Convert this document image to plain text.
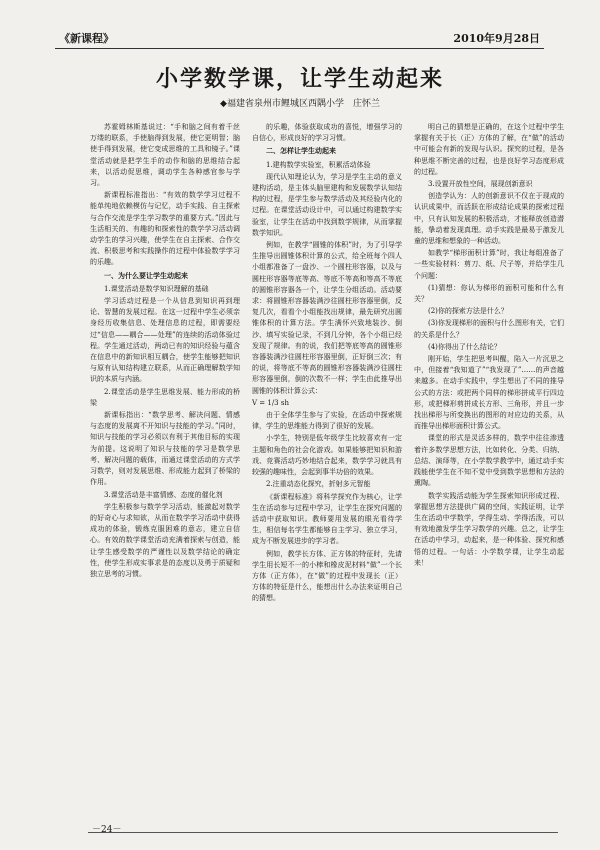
《新课程》	2010年9月28日
小学数学课，让学生动起来
◆福建省泉州市鲤城区西隅小学　庄怀兰

苏霍姆林斯基说过：“手和脑之间有着千丝万缕的联系，手使脑得到发展，使它更明智；脑使手得到发展，使它变成思维的工具和镜子。”课堂活动就是把学生手的动作和脑的思维结合起来，以活动促思维，调动学生各种感官参与学习。

新课程标准指出：“有效的数学学习过程不能单纯地依赖模仿与记忆，动手实践、自主探索与合作交流是学生学习数学的重要方式。”因此与生活相关的、有趣的和探索性的数学学习活动调动学生的学习兴趣，使学生在自主探索、合作交流、积极思考和实践操作的过程中体验数学学习的乐趣。

一、为什么要让学生动起来
1.课堂活动是数学知识理解的基础

学习活动过程是一个从信息到知识再到理论、智慧的发展过程。在这一过程中学生必须亲身经历收集信息、处理信息的过程，即需要经过“信息——耦合——处理”的连续的活动体验过程。学生通过活动，两动已有的知识经验与蕴含在信息中的新知识相互耦合，使学生能够把知识与原有认知结构建立联系，从而正确理解数学知识的本质与内涵。

2.课堂活动是学生思维发展、能力形成的桥梁

新课标指出：“数学思考、解决问题、情感与态度的发展离不开知识与技能的学习。”同时，知识与技能的学习必须以有利于其他目标的实现为前提。这说明了知识与技能的学习是数学思考、解决问题的载体，而通过课堂活动的方式学习数学，则对发展思维、形成能力起到了桥梁的作用。

3.课堂活动是丰富情感、态度的催化剂

学生积极参与数学学习活动，能激起对数学的好奇心与求知欲，从而在数学学习活动中获得成功的体验，锻炼克服困难的意志，建立自信心。有效的数学课堂活动充满着探索与创造，能让学生感受数学的严谨性以及数学结论的确定性，使学生形成实事求是的态度以及勇于质疑和独立思考的习惯。

的乐趣，体验获取成功的喜悦，增强学习的自信心，形成良好的学习习惯。

二、怎样让学生动起来
1.建构数学实验室，积累活动体验

现代认知理论认为，学习是学生主动的意义建构活动，是主体头脑里建构和发展数学认知结构的过程，是学生参与数学活动及其经验内化的过程。在课堂活动设计中，可以通过构建数学实验室，让学生在活动中找到数学规律，从而掌握数学知识。

例如，在教学“圆锥的体积”时，为了引导学生推导出圆锥体积计算的公式，给全班每个四人小组都准备了一盘沙、一个圆柱形容器，以及与圆柱形容器等底等高、等底不等高和等高不等底的圆锥形容器各一个，让学生分组活动。活动要求：将圆锥形容器装满沙往圆柱形容器里倒，反复几次，看看个小组能找出规律，最先研究出圆锥体积的计算方法。学生满怀兴致地装沙、倒沙、填写实验记录，不到几分钟，各个小组已经发现了规律。有的说，我们把等底等高的圆锥形容器装满沙往圆柱形容器里倒，正好倒三次；有的说，将等底不等高的圆锥形容器装满沙往圆柱形容器里倒，倒的次数不一样；学生由此推导出圆锥的体积计算公式：

V = 1/3 sh

由于全体学生参与了实验，在活动中探索规律，学生的思维能力得到了很好的发展。

小学生，特别是低年级学生比较喜欢有一定主题和角色的社会化游戏。如果能够把知识和游戏、竞赛活动巧妙地结合起来，数学学习就具有较强的趣味性，会起到事半功倍的效果。

2.注重动态化探究，折射多元智能

《新课程标准》将科学探究作为核心，让学生在活动参与过程中学习，让学生在探究问题的活动中获取知识。教师要用发展的眼光看待学生，相信每名学生都能够自主学习、独立学习，成为不断发展进步的学习者。

例如，教学长方体、正方体的特征时，先请学生用长短不一的小棒和橡皮泥材料“做”一个长方体（正方体），在“做”的过程中发现长（正）方体的特征是什么，能想出什么办法来证明自己的猜想。

明自己的猜想是正确的，在这个过程中学生掌握有关于长（正）方体的了解，在“做”的活动中可能会有新的发现与认识。探究的过程，是各种思维不断完善的过程，也是良好学习态度形成的过程。

3.设置开放性空间，展现创新意识

创造学认为：人的创新意识不仅在于现成的认识成果中，而活跃在形成结论成果的探索过程中，只有认知发展的积极活动，才能释放创造潜能，挚动着发现真理。动手实践是最易于激发儿童的思维和想象的一种活动。

如教学“梯形面积计算”时，我让每组准备了一些实验材料：剪刀、纸、尺子等，并给学生几个问题：

(1)猜想：你认为梯形的面积可能和什么有关？

(2)你的探索方法是什么？

(3)你发现梯形的面积与什么图形有关，它们的关系是什么？

(4)你得出了什么结论？

刚开始，学生把思考叫醒，陷入一片沉思之中，但接着“我知道了”“我发现了”……的声音越来越多。在动手实践中，学生想出了不同的推导公式的方法：或把两个同样的梯形拼成平行四边形，或把梯形剪拼成长方形、三角形，并且一步找出梯形与所变换出的图形的对应边的关系，从而推导出梯形面积计算公式。

课堂的形式是灵活多样的，数学中往往渗透着许多数学思想方法，比如转化、分类、归纳、总结、演绎等，在小学数学教学中，通过动手实践能使学生在不知不觉中受到数学思想和方法的熏陶。

数学实践活动能为学生探索知识形成过程、掌握思想方法提供广阔的空间，实践证明，让学生在活动中学数学，学得生动、学得活泼，可以有效地激发学生学习数学的兴趣。总之，让学生在活动中学习，动起来，是一种体验、探究和感悟的过程。一句话：小学数学课，让学生动起来！

－24－
